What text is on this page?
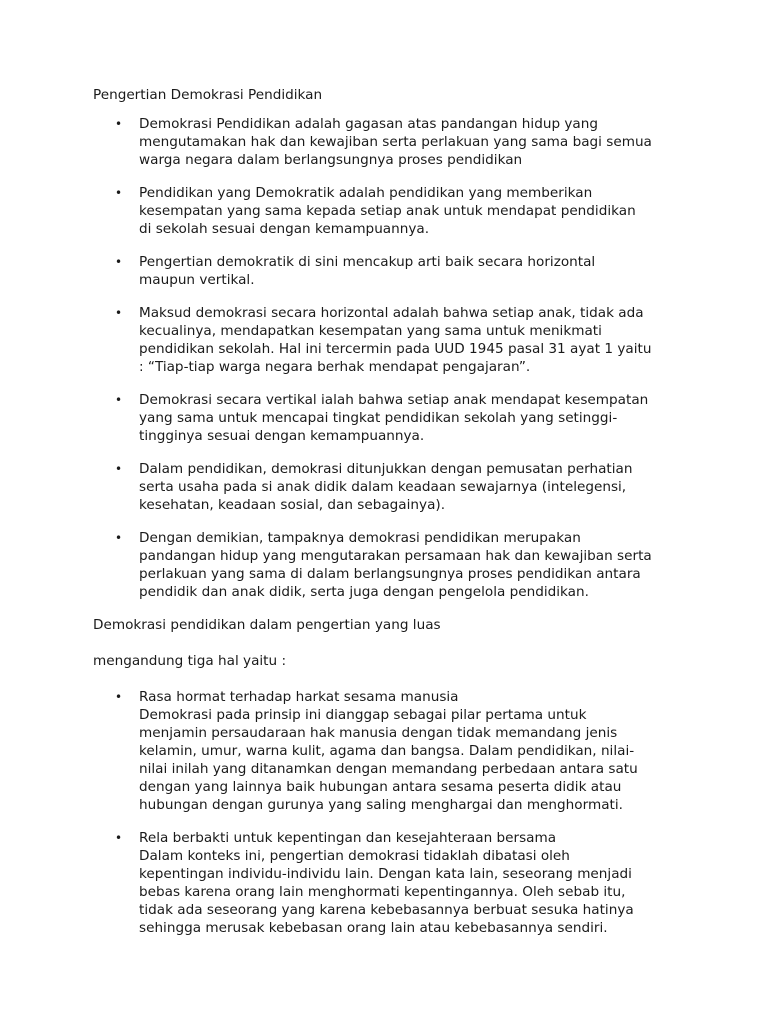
Pengertian Demokrasi Pendidikan

• Demokrasi Pendidikan adalah gagasan atas pandangan hidup yang
mengutamakan hak dan kewajiban serta perlakuan yang sama bagi semua
warga negara dalam berlangsungnya proses pendidikan
• Pendidikan yang Demokratik adalah pendidikan yang memberikan
kesempatan yang sama kepada setiap anak untuk mendapat pendidikan
di sekolah sesuai dengan kemampuannya.
• Pengertian demokratik di sini mencakup arti baik secara horizontal
maupun vertikal.
• Maksud demokrasi secara horizontal adalah bahwa setiap anak, tidak ada
kecualinya, mendapatkan kesempatan yang sama untuk menikmati
pendidikan sekolah. Hal ini tercermin pada UUD 1945 pasal 31 ayat 1 yaitu
: “Tiap-tiap warga negara berhak mendapat pengajaran”.
• Demokrasi secara vertikal ialah bahwa setiap anak mendapat kesempatan
yang sama untuk mencapai tingkat pendidikan sekolah yang setinggi-
tingginya sesuai dengan kemampuannya.
• Dalam pendidikan, demokrasi ditunjukkan dengan pemusatan perhatian
serta usaha pada si anak didik dalam keadaan sewajarnya (intelegensi,
kesehatan, keadaan sosial, dan sebagainya).
• Dengan demikian, tampaknya demokrasi pendidikan merupakan
pandangan hidup yang mengutarakan persamaan hak dan kewajiban serta
perlakuan yang sama di dalam berlangsungnya proses pendidikan antara
pendidik dan anak didik, serta juga dengan pengelola pendidikan.

Demokrasi pendidikan dalam pengertian yang luas

mengandung tiga hal yaitu :

• Rasa hormat terhadap harkat sesama manusia
Demokrasi pada prinsip ini dianggap sebagai pilar pertama untuk
menjamin persaudaraan hak manusia dengan tidak memandang jenis
kelamin, umur, warna kulit, agama dan bangsa. Dalam pendidikan, nilai-
nilai inilah yang ditanamkan dengan memandang perbedaan antara satu
dengan yang lainnya baik hubungan antara sesama peserta didik atau
hubungan dengan gurunya yang saling menghargai dan menghormati.
• Rela berbakti untuk kepentingan dan kesejahteraan bersama
Dalam konteks ini, pengertian demokrasi tidaklah dibatasi oleh
kepentingan individu-individu lain. Dengan kata lain, seseorang menjadi
bebas karena orang lain menghormati kepentingannya. Oleh sebab itu,
tidak ada seseorang yang karena kebebasannya berbuat sesuka hatinya
sehingga merusak kebebasan orang lain atau kebebasannya sendiri.
